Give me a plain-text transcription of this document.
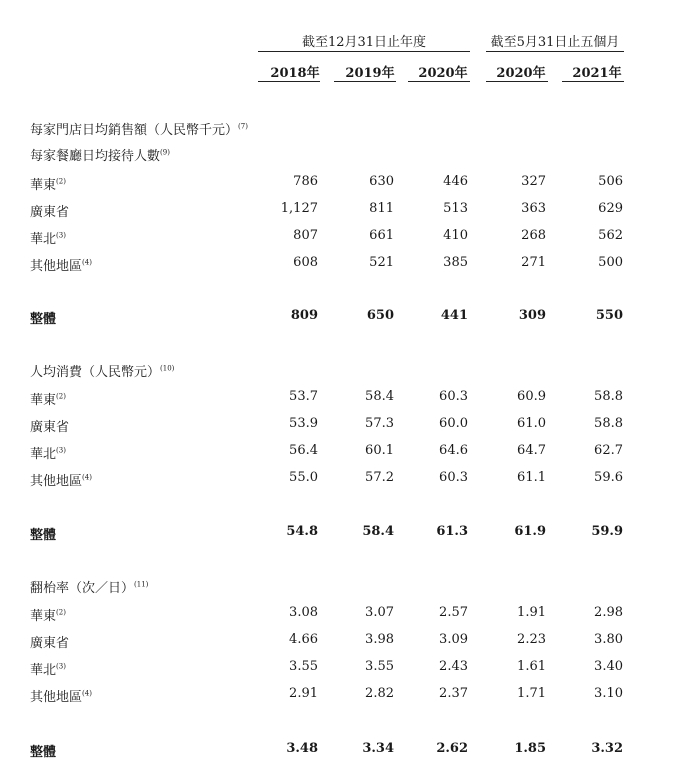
截至12月31日止年度	截至5月31日止五個月
2018年	2019年	2020年	2020年	2021年
每家門店日均銷售額（人民幣千元）$^{(7)}$
每家餐廳日均接待人數$^{(9)}$
華東$^{(2)}$	786	630	446	327	506
廣東省	1,127	811	513	363	629
華北$^{(3)}$	807	661	410	268	562
其他地區$^{(4)}$	608	521	385	271	500
整體	809	650	441	309	550
人均消費（人民幣元）$^{(10)}$
華東$^{(2)}$	53.7	58.4	60.3	60.9	58.8
廣東省	53.9	57.3	60.0	61.0	58.8
華北$^{(3)}$	56.4	60.1	64.6	64.7	62.7
其他地區$^{(4)}$	55.0	57.2	60.3	61.1	59.6
整體	54.8	58.4	61.3	61.9	59.9
翻枱率（次／日）$^{(11)}$
華東$^{(2)}$	3.08	3.07	2.57	1.91	2.98
廣東省	4.66	3.98	3.09	2.23	3.80
華北$^{(3)}$	3.55	3.55	2.43	1.61	3.40
其他地區$^{(4)}$	2.91	2.82	2.37	1.71	3.10
整體	3.48	3.34	2.62	1.85	3.32
